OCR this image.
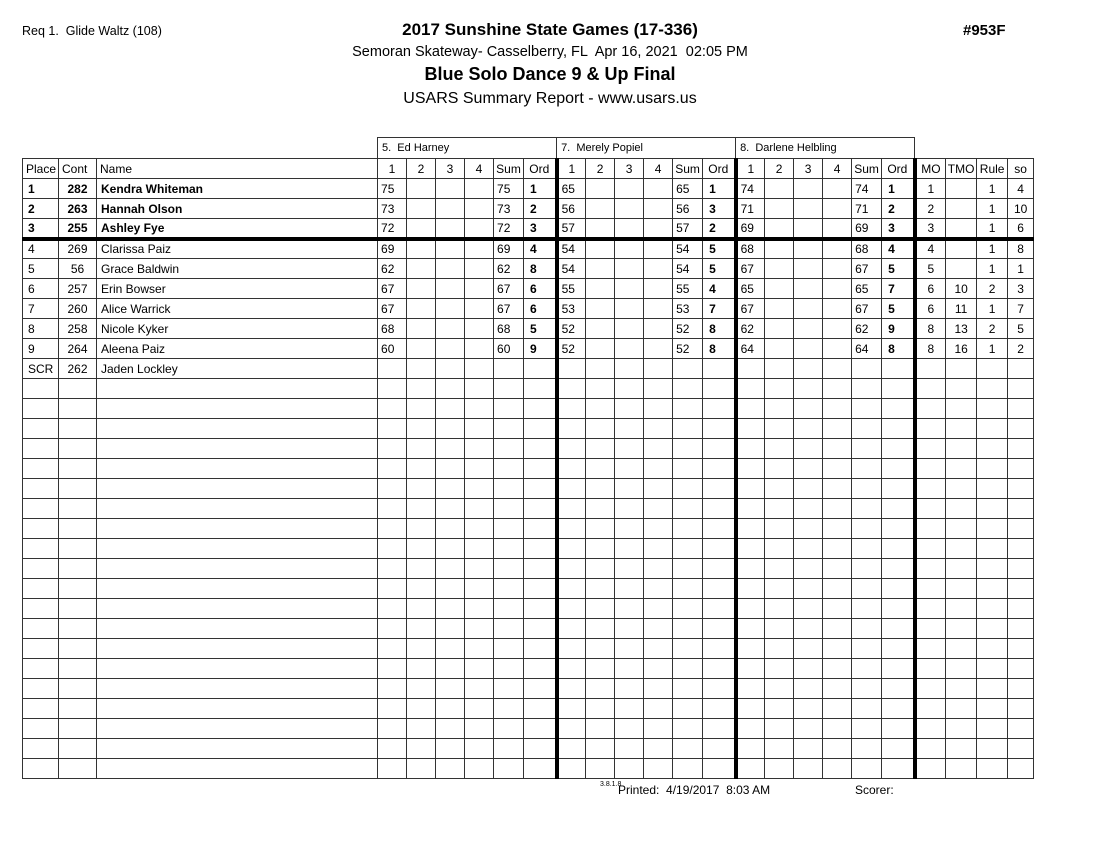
Req 1.  Glide Waltz (108)	2017 Sunshine State Games (17-336)	#953F
Semoran Skateway- Casselberry, FL  Apr 16, 2021  02:05 PM
Blue Solo Dance 9 & Up Final
USARS Summary Report - www.usars.us
			5.  Ed Harney						7.  Merely Popiel						8.  Darlene Helbling									
Place	Cont	Name	1	2	3	4	Sum	Ord	1	2	3	4	Sum	Ord	1	2	3	4	Sum	Ord	MO	TMO	Rule	so
1	282	Kendra Whiteman	75				75	1	65				65	1	74				74	1	1		1	4
2	263	Hannah Olson	73				73	2	56				56	3	71				71	2	2		1	10
3	255	Ashley Fye	72				72	3	57				57	2	69				69	3	3		1	6
4	269	Clarissa Paiz	69				69	4	54				54	5	68				68	4	4		1	8
5	56	Grace Baldwin	62				62	8	54				54	5	67				67	5	5		1	1
6	257	Erin Bowser	67				67	6	55				55	4	65				65	7	6	10	2	3
7	260	Alice Warrick	67				67	6	53				53	7	67				67	5	6	11	1	7
8	258	Nicole Kyker	68				68	5	52				52	8	62				62	9	8	13	2	5
9	264	Aleena Paiz	60				60	9	52				52	8	64				64	8	8	16	1	2
SCR	262	Jaden Lockley																						

3.8.1.8
Printed:  4/19/2017  8:03 AM	Scorer:
